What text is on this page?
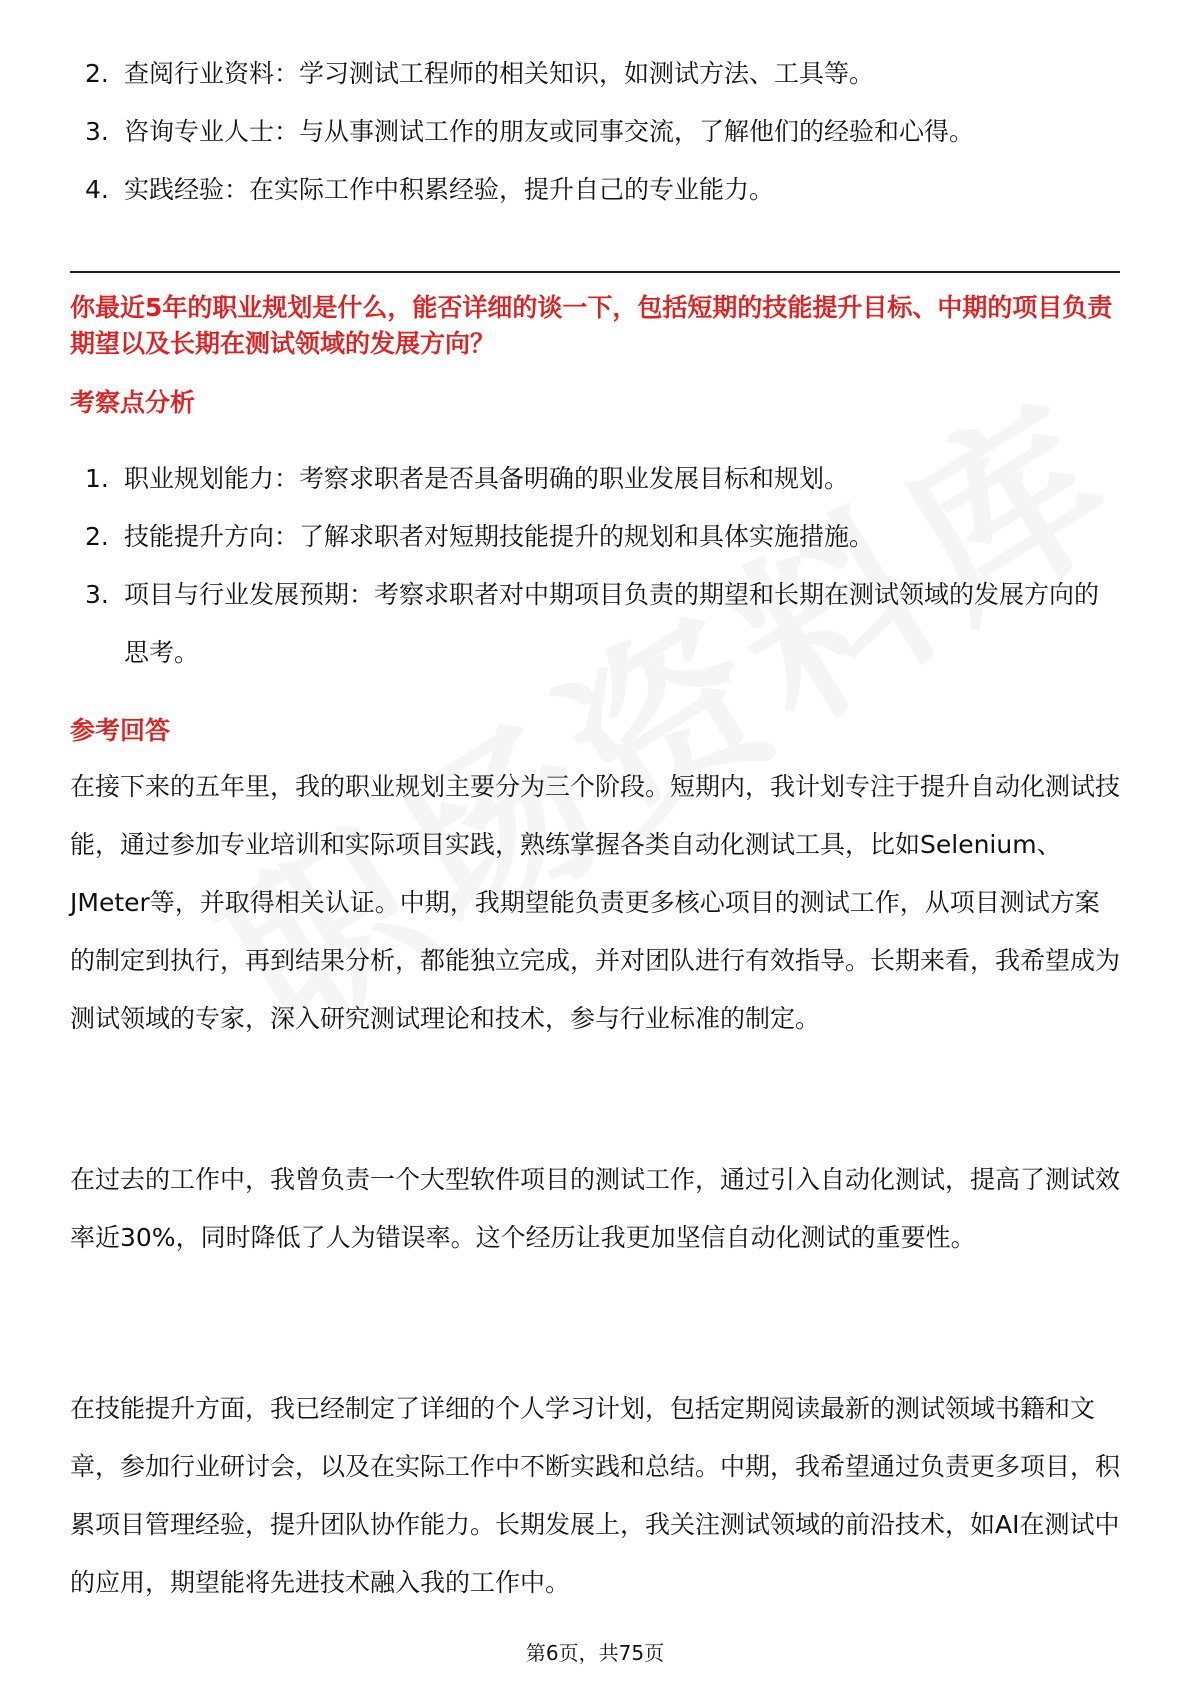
2. 查阅行业资料：学习测试工程师的相关知识，如测试方法、工具等。
3. 咨询专业人士：与从事测试工作的朋友或同事交流，了解他们的经验和心得。
4. 实践经验：在实际工作中积累经验，提升自己的专业能力。
你最近5年的职业规划是什么，能否详细的谈一下，包括短期的技能提升目标、中期的项目负责期望以及长期在测试领域的发展方向？
考察点分析
1. 职业规划能力：考察求职者是否具备明确的职业发展目标和规划。
2. 技能提升方向：了解求职者对短期技能提升的规划和具体实施措施。
3. 项目与行业发展预期：考察求职者对中期项目负责的期望和长期在测试领域的发展方向的思考。
参考回答

在接下来的五年里，我的职业规划主要分为三个阶段。短期内，我计划专注于提升自动化测试技能，通过参加专业培训和实际项目实践，熟练掌握各类自动化测试工具，比如Selenium、JMeter等，并取得相关认证。中期，我期望能负责更多核心项目的测试工作，从项目测试方案的制定到执行，再到结果分析，都能独立完成，并对团队进行有效指导。长期来看，我希望成为测试领域的专家，深入研究测试理论和技术，参与行业标准的制定。

在过去的工作中，我曾负责一个大型软件项目的测试工作，通过引入自动化测试，提高了测试效率近30%，同时降低了人为错误率。这个经历让我更加坚信自动化测试的重要性。

在技能提升方面，我已经制定了详细的个人学习计划，包括定期阅读最新的测试领域书籍和文章，参加行业研讨会，以及在实际工作中不断实践和总结。中期，我希望通过负责更多项目，积累项目管理经验，提升团队协作能力。长期发展上，我关注测试领域的前沿技术，如AI在测试中的应用，期望能将先进技术融入我的工作中。

第6页，共75页
